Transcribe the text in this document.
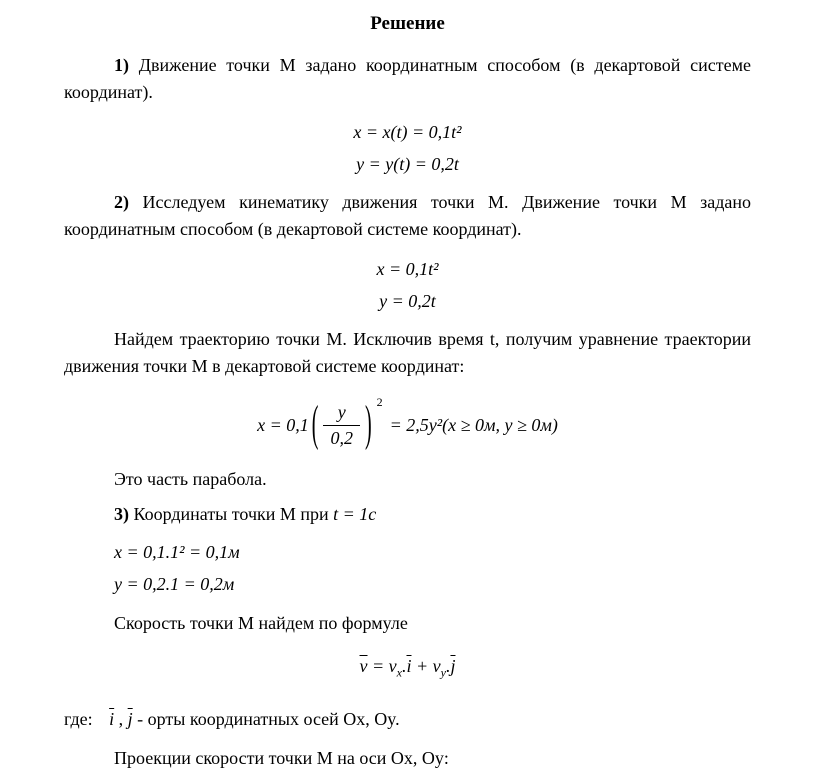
Решение

1) Движение точки М задано координатным способом (в декартовой системе координат).

x = x(t) = 0,1t²
y = y(t) = 0,2t

2) Исследуем кинематику движения точки М. Движение точки М задано координатным способом (в декартовой системе координат).

x = 0,1t²
y = 0,2t

Найдем траекторию точки М. Исключив время t, получим уравнение траектории движения точки М в декартовой системе координат:

x = 0,1 ( $\frac{y}{0,2}$ ) 2
= 2,5y²(x ≥ 0м, y ≥ 0м)

Это часть парабола.

3) Координаты точки М при t = 1c

x = 0,1.1² = 0,1м
y = 0,2.1 = 0,2м

Скорость точки М найдем по формуле

$\overline{v} = v_x.\overline{i} + v_y.\overline{j}$

где: $\overline{i}$ , $\overline{j}$ - орты координатных осей Ox, Oy.

Проекции скорости точки М на оси Ox, Oy:
